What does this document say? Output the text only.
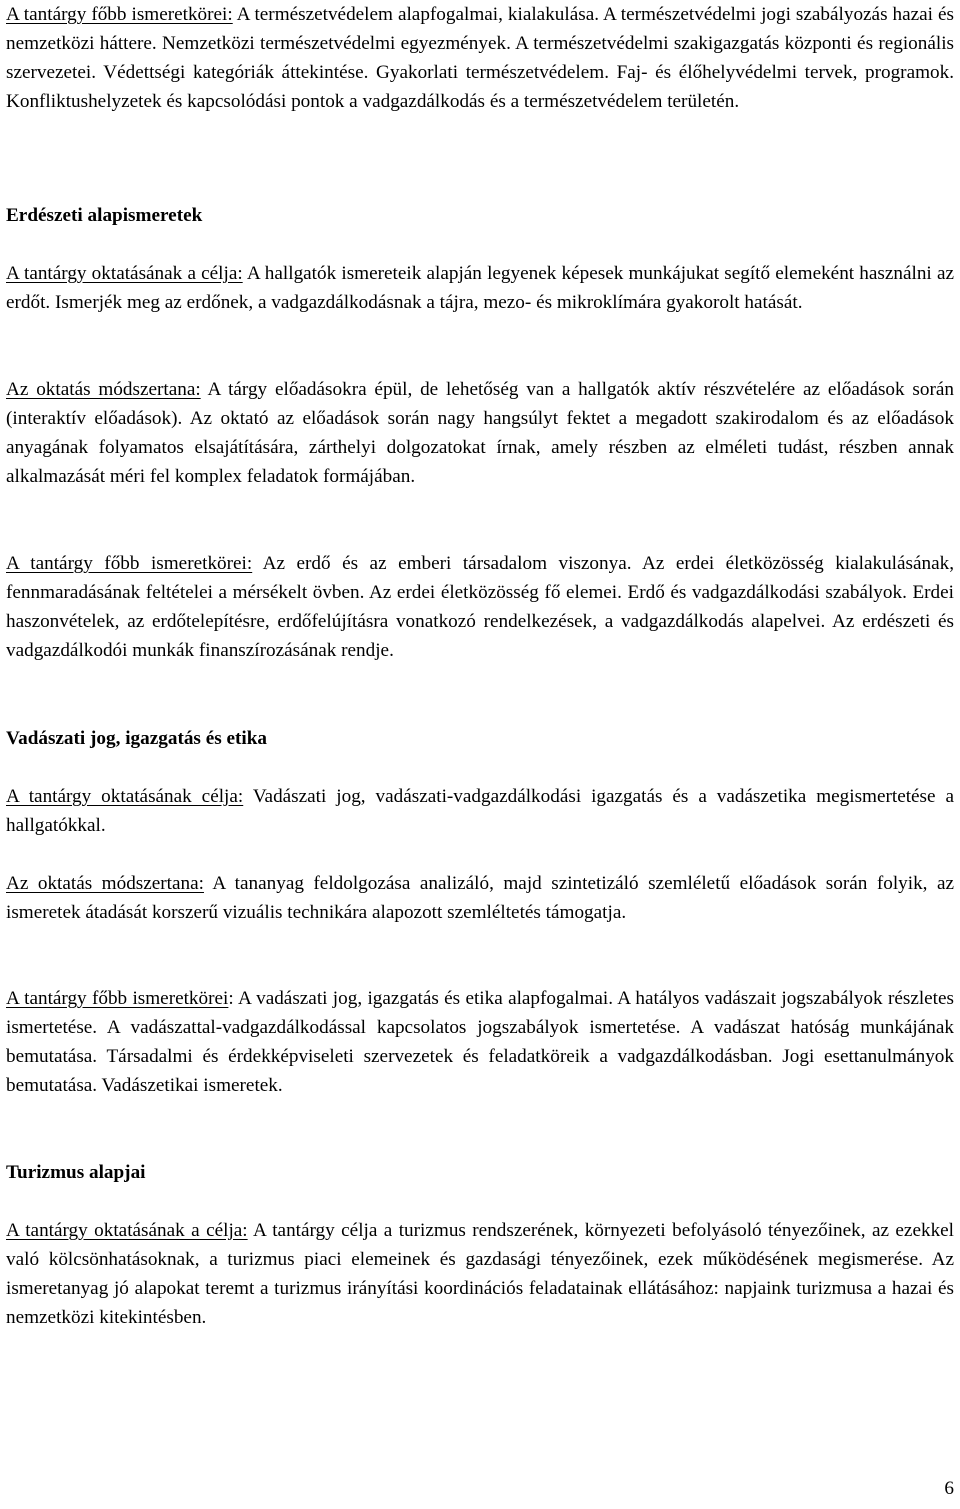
A tantárgy főbb ismeretkörei: A természetvédelem alapfogalmai, kialakulása. A természetvédelmi jogi szabályozás hazai és nemzetközi háttere. Nemzetközi természetvédelmi egyezmények. A természetvédelmi szakigazgatás központi és regionális szervezetei. Védettségi kategóriák áttekintése. Gyakorlati természetvédelem. Faj- és élőhelyvédelmi tervek, programok. Konfliktushelyzetek és kapcsolódási pontok a vadgazdálkodás és a természetvédelem területén.

Erdészeti alapismeretek

A tantárgy oktatásának a célja: A hallgatók ismereteik alapján legyenek képesek munkájukat segítő elemeként használni az erdőt. Ismerjék meg az erdőnek, a vadgazdálkodásnak a tájra, mezo- és mikroklímára gyakorolt hatását.

Az oktatás módszertana: A tárgy előadásokra épül, de lehetőség van a hallgatók aktív részvételére az előadások során (interaktív előadások). Az oktató az előadások során nagy hangsúlyt fektet a megadott szakirodalom és az előadások anyagának folyamatos elsajátítására, zárthelyi dolgozatokat írnak, amely részben az elméleti tudást, részben annak alkalmazását méri fel komplex feladatok formájában.

A tantárgy főbb ismeretkörei: Az erdő és az emberi társadalom viszonya. Az erdei életközösség kialakulásának, fennmaradásának feltételei a mérsékelt övben. Az erdei életközösség fő elemei. Erdő és vadgazdálkodási szabályok. Erdei haszonvételek, az erdőtelepítésre, erdőfelújításra vonatkozó rendelkezések, a vadgazdálkodás alapelvei. Az erdészeti és vadgazdálkodói munkák finanszírozásának rendje.

Vadászati jog, igazgatás és etika

A tantárgy oktatásának célja: Vadászati jog, vadászati-vadgazdálkodási igazgatás és a vadászetika megismertetése a hallgatókkal.

Az oktatás módszertana: A tananyag feldolgozása analizáló, majd szintetizáló szemléletű előadások során folyik, az ismeretek átadását korszerű vizuális technikára alapozott szemléltetés támogatja.

A tantárgy főbb ismeretkörei: A vadászati jog, igazgatás és etika alapfogalmai. A hatályos vadászait jogszabályok részletes ismertetése. A vadászattal-vadgazdálkodással kapcsolatos jogszabályok ismertetése. A vadászat hatóság munkájának bemutatása. Társadalmi és érdekképviseleti szervezetek és feladatköreik a vadgazdálkodásban. Jogi esettanulmányok bemutatása. Vadászetikai ismeretek.

Turizmus alapjai

A tantárgy oktatásának a célja: A tantárgy célja a turizmus rendszerének, környezeti befolyásoló tényezőinek, az ezekkel való kölcsönhatásoknak, a turizmus piaci elemeinek és gazdasági tényezőinek, ezek működésének megismerése. Az ismeretanyag jó alapokat teremt a turizmus irányítási koordinációs feladatainak ellátásához: napjaink turizmusa a hazai és nemzetközi kitekintésben.

6
